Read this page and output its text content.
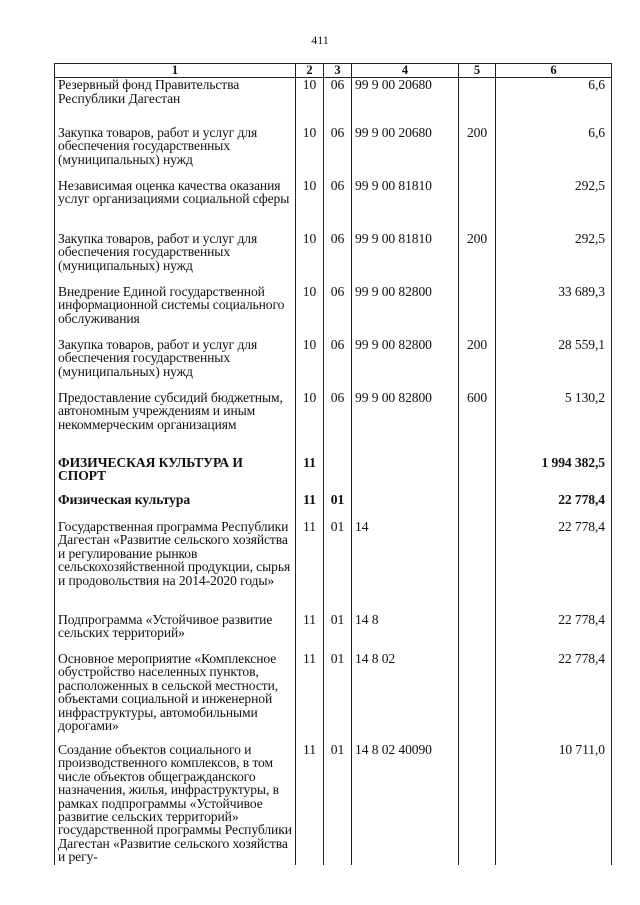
411
1	2	3	4	5	6
Резервный фонд Правительства Республики Дагестан	10	06	99 9 00 20680		6,6
Закупка товаров, работ и услуг для обеспечения государственных (муниципальных) нужд	10	06	99 9 00 20680	200	6,6
Независимая оценка качества оказания услуг организациями социальной сферы	10	06	99 9 00 81810		292,5
Закупка товаров, работ и услуг для обеспечения государственных (муниципальных) нужд	10	06	99 9 00 81810	200	292,5
Внедрение Единой государственной информационной системы социального обслуживания	10	06	99 9 00 82800		33 689,3
Закупка товаров, работ и услуг для обеспечения государственных (муниципальных) нужд	10	06	99 9 00 82800	200	28 559,1
Предоставление субсидий бюджетным, автономным учреждениям и иным некоммерческим организациям	10	06	99 9 00 82800	600	5 130,2
ФИЗИЧЕСКАЯ КУЛЬТУРА И СПОРТ	11				1 994 382,5
Физическая культура	11	01			22 778,4
Государственная программа Республики Дагестан «Развитие сельского хозяйства и регулирование рынков сельскохозяйственной продукции, сырья и продовольствия на 2014-2020 годы»	11	01	14		22 778,4
Подпрограмма «Устойчивое развитие сельских территорий»	11	01	14 8		22 778,4
Основное мероприятие «Комплексное обустройство населенных пунктов, расположенных в сельской местности, объектами социальной и инженерной инфраструктуры, автомобильными дорогами»	11	01	14 8 02		22 778,4
Создание объектов социального и производственного комплексов, в том числе объектов общегражданского назначения, жилья, инфраструктуры, в рамках подпрограммы «Устойчивое развитие сельских территорий» государственной программы Республики Дагестан «Развитие сельского хозяйства и регу-	11	01	14 8 02 40090		10 711,0
